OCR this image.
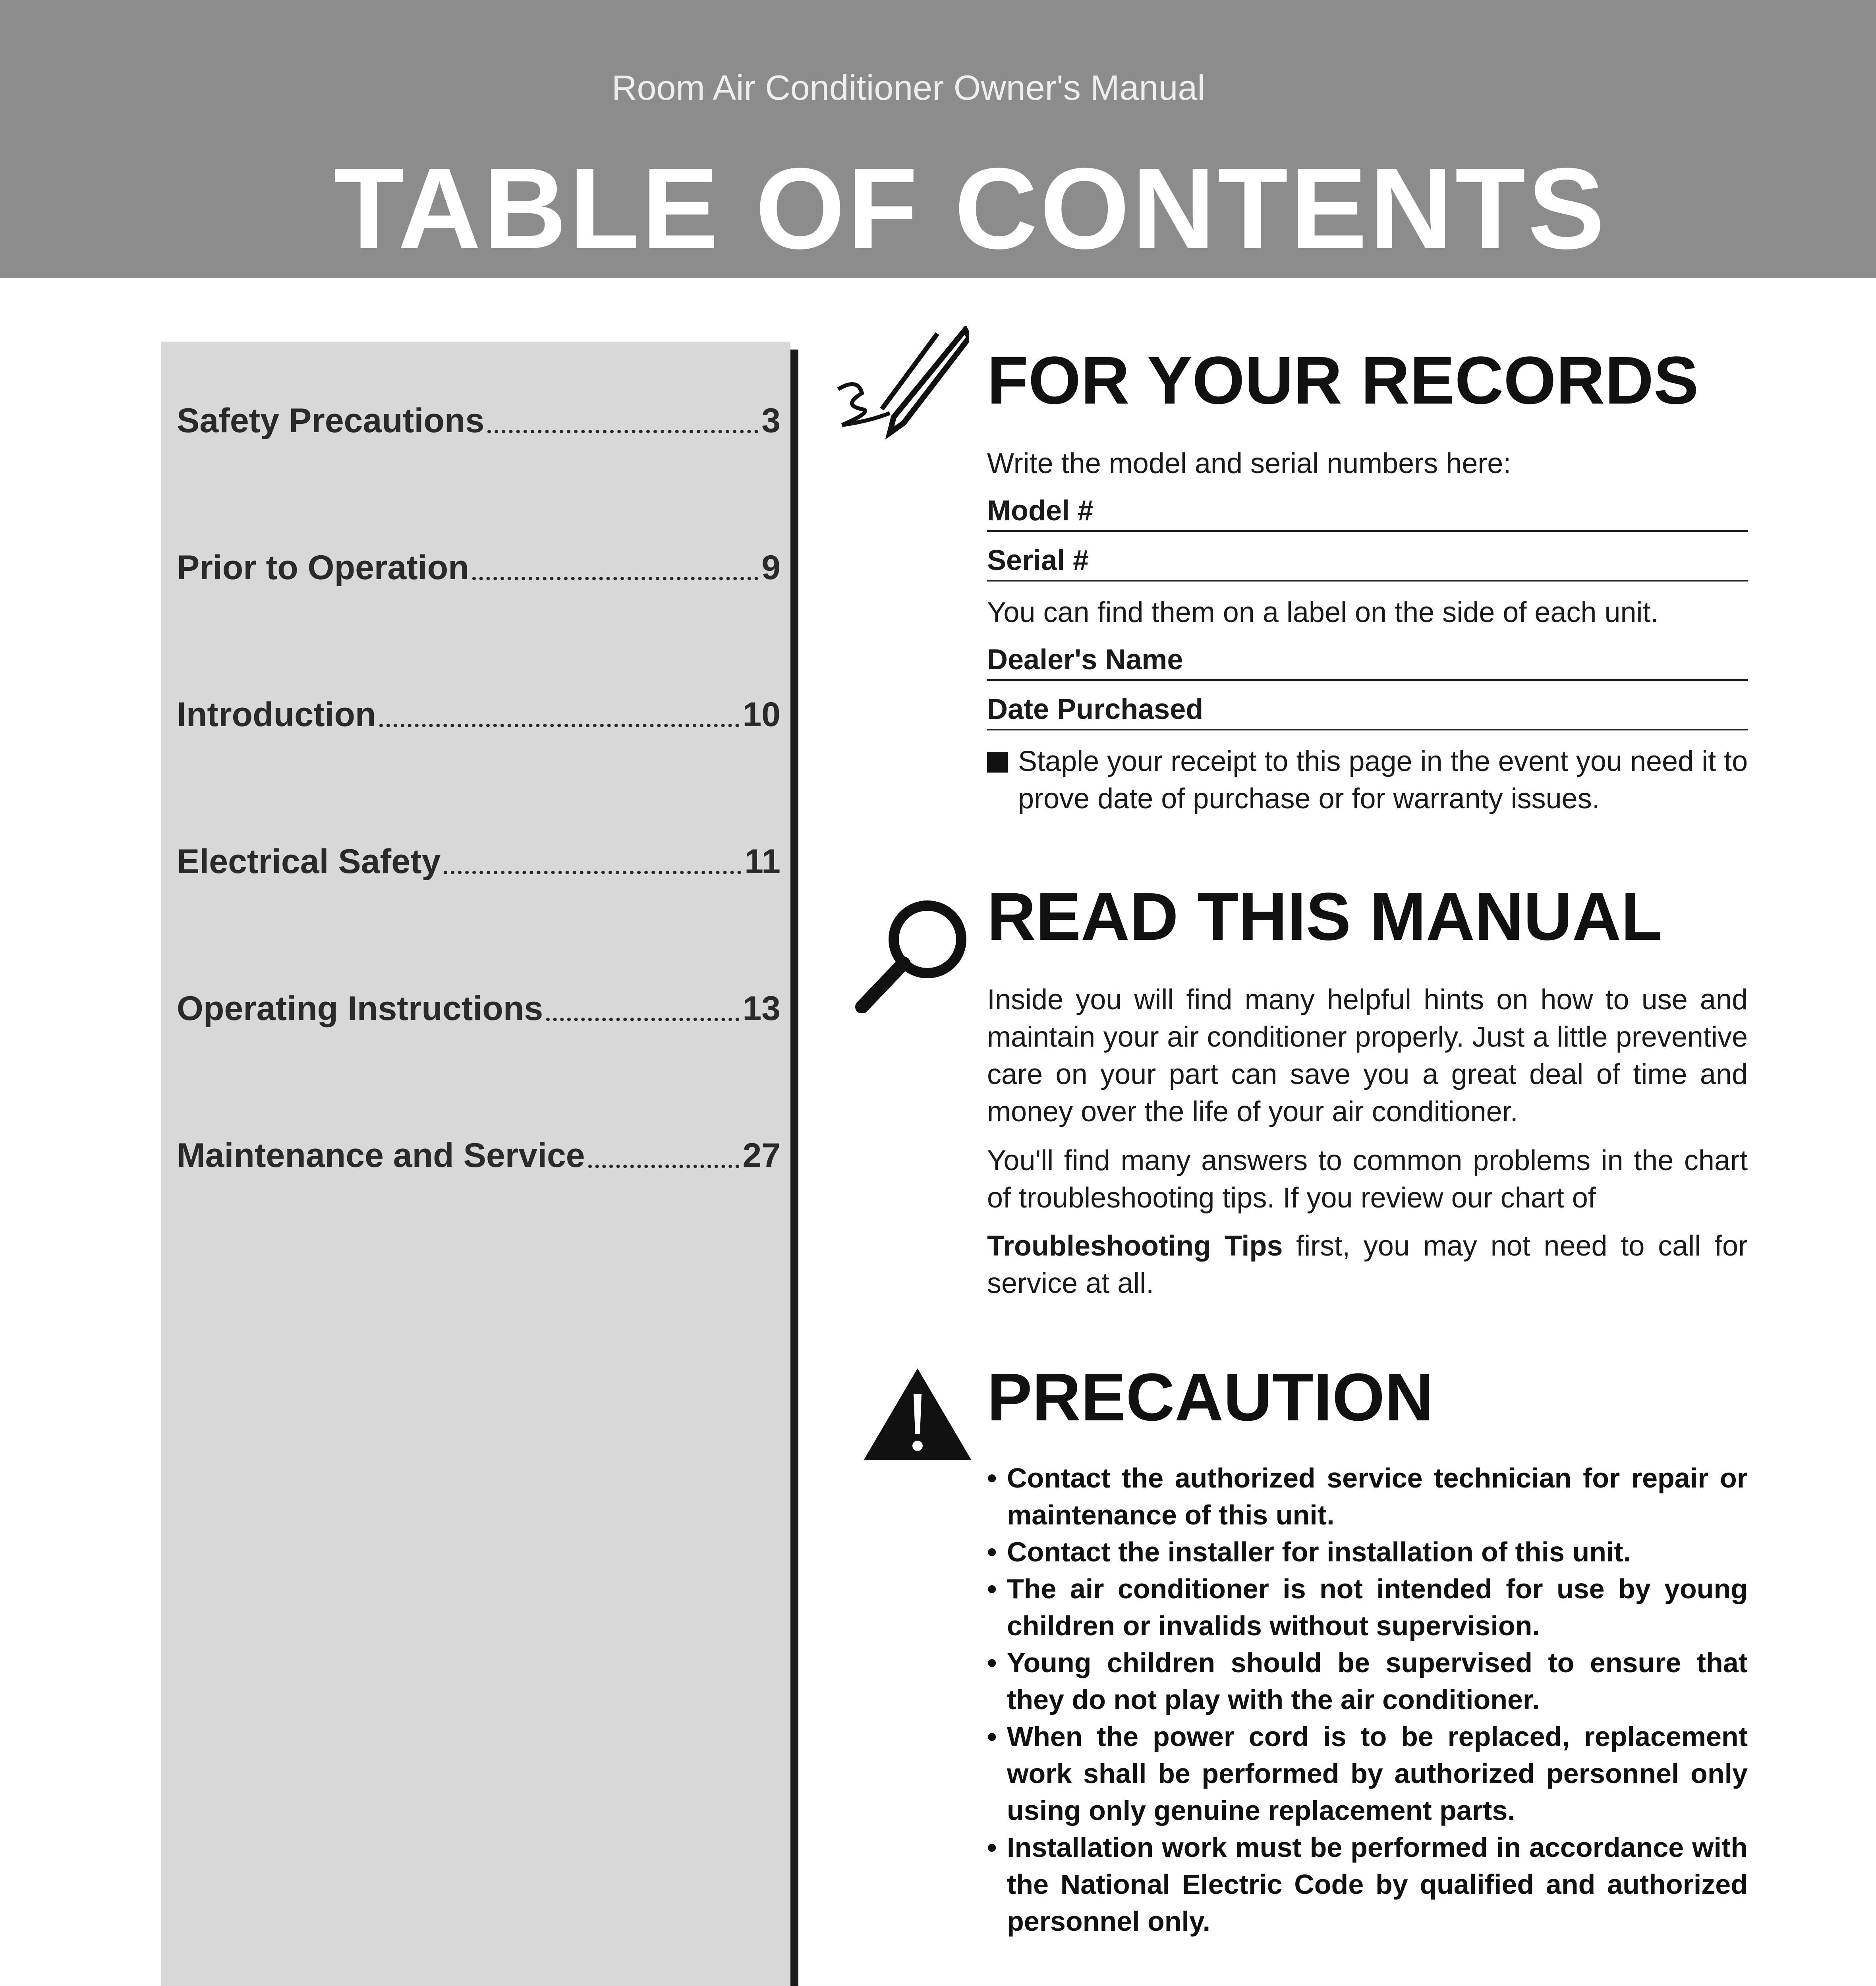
Room Air Conditioner Owner's Manual
TABLE OF CONTENTS
Safety Precautions	3
Prior to Operation	9
Introduction	10
Electrical Safety	11
Operating Instructions	13
Maintenance and Service	27
FOR YOUR RECORDS
Write the model and serial numbers here:
Model #
Serial #
You can find them on a label on the side of each unit.
Dealer's Name
Date Purchased
Staple your receipt to this page in the event you need it to prove date of purchase or for warranty issues.
READ THIS MANUAL
Inside you will find many helpful hints on how to use and maintain your air conditioner properly. Just a little preventive care on your part can save you a great deal of time and money over the life of your air conditioner.
You'll find many answers to common problems in the chart of troubleshooting tips. If you review our chart of
Troubleshooting Tips first, you may not need to call for service at all.
PRECAUTION
• Contact the authorized service technician for repair or maintenance of this unit.
• Contact the installer for installation of this unit.
• The air conditioner is not intended for use by young children or invalids without supervision.
• Young children should be supervised to ensure that they do not play with the air conditioner.
• When the power cord is to be replaced, replacement work shall be performed by authorized personnel only using only genuine replacement parts.
• Installation work must be performed in accordance with the National Electric Code by qualified and authorized personnel only.
